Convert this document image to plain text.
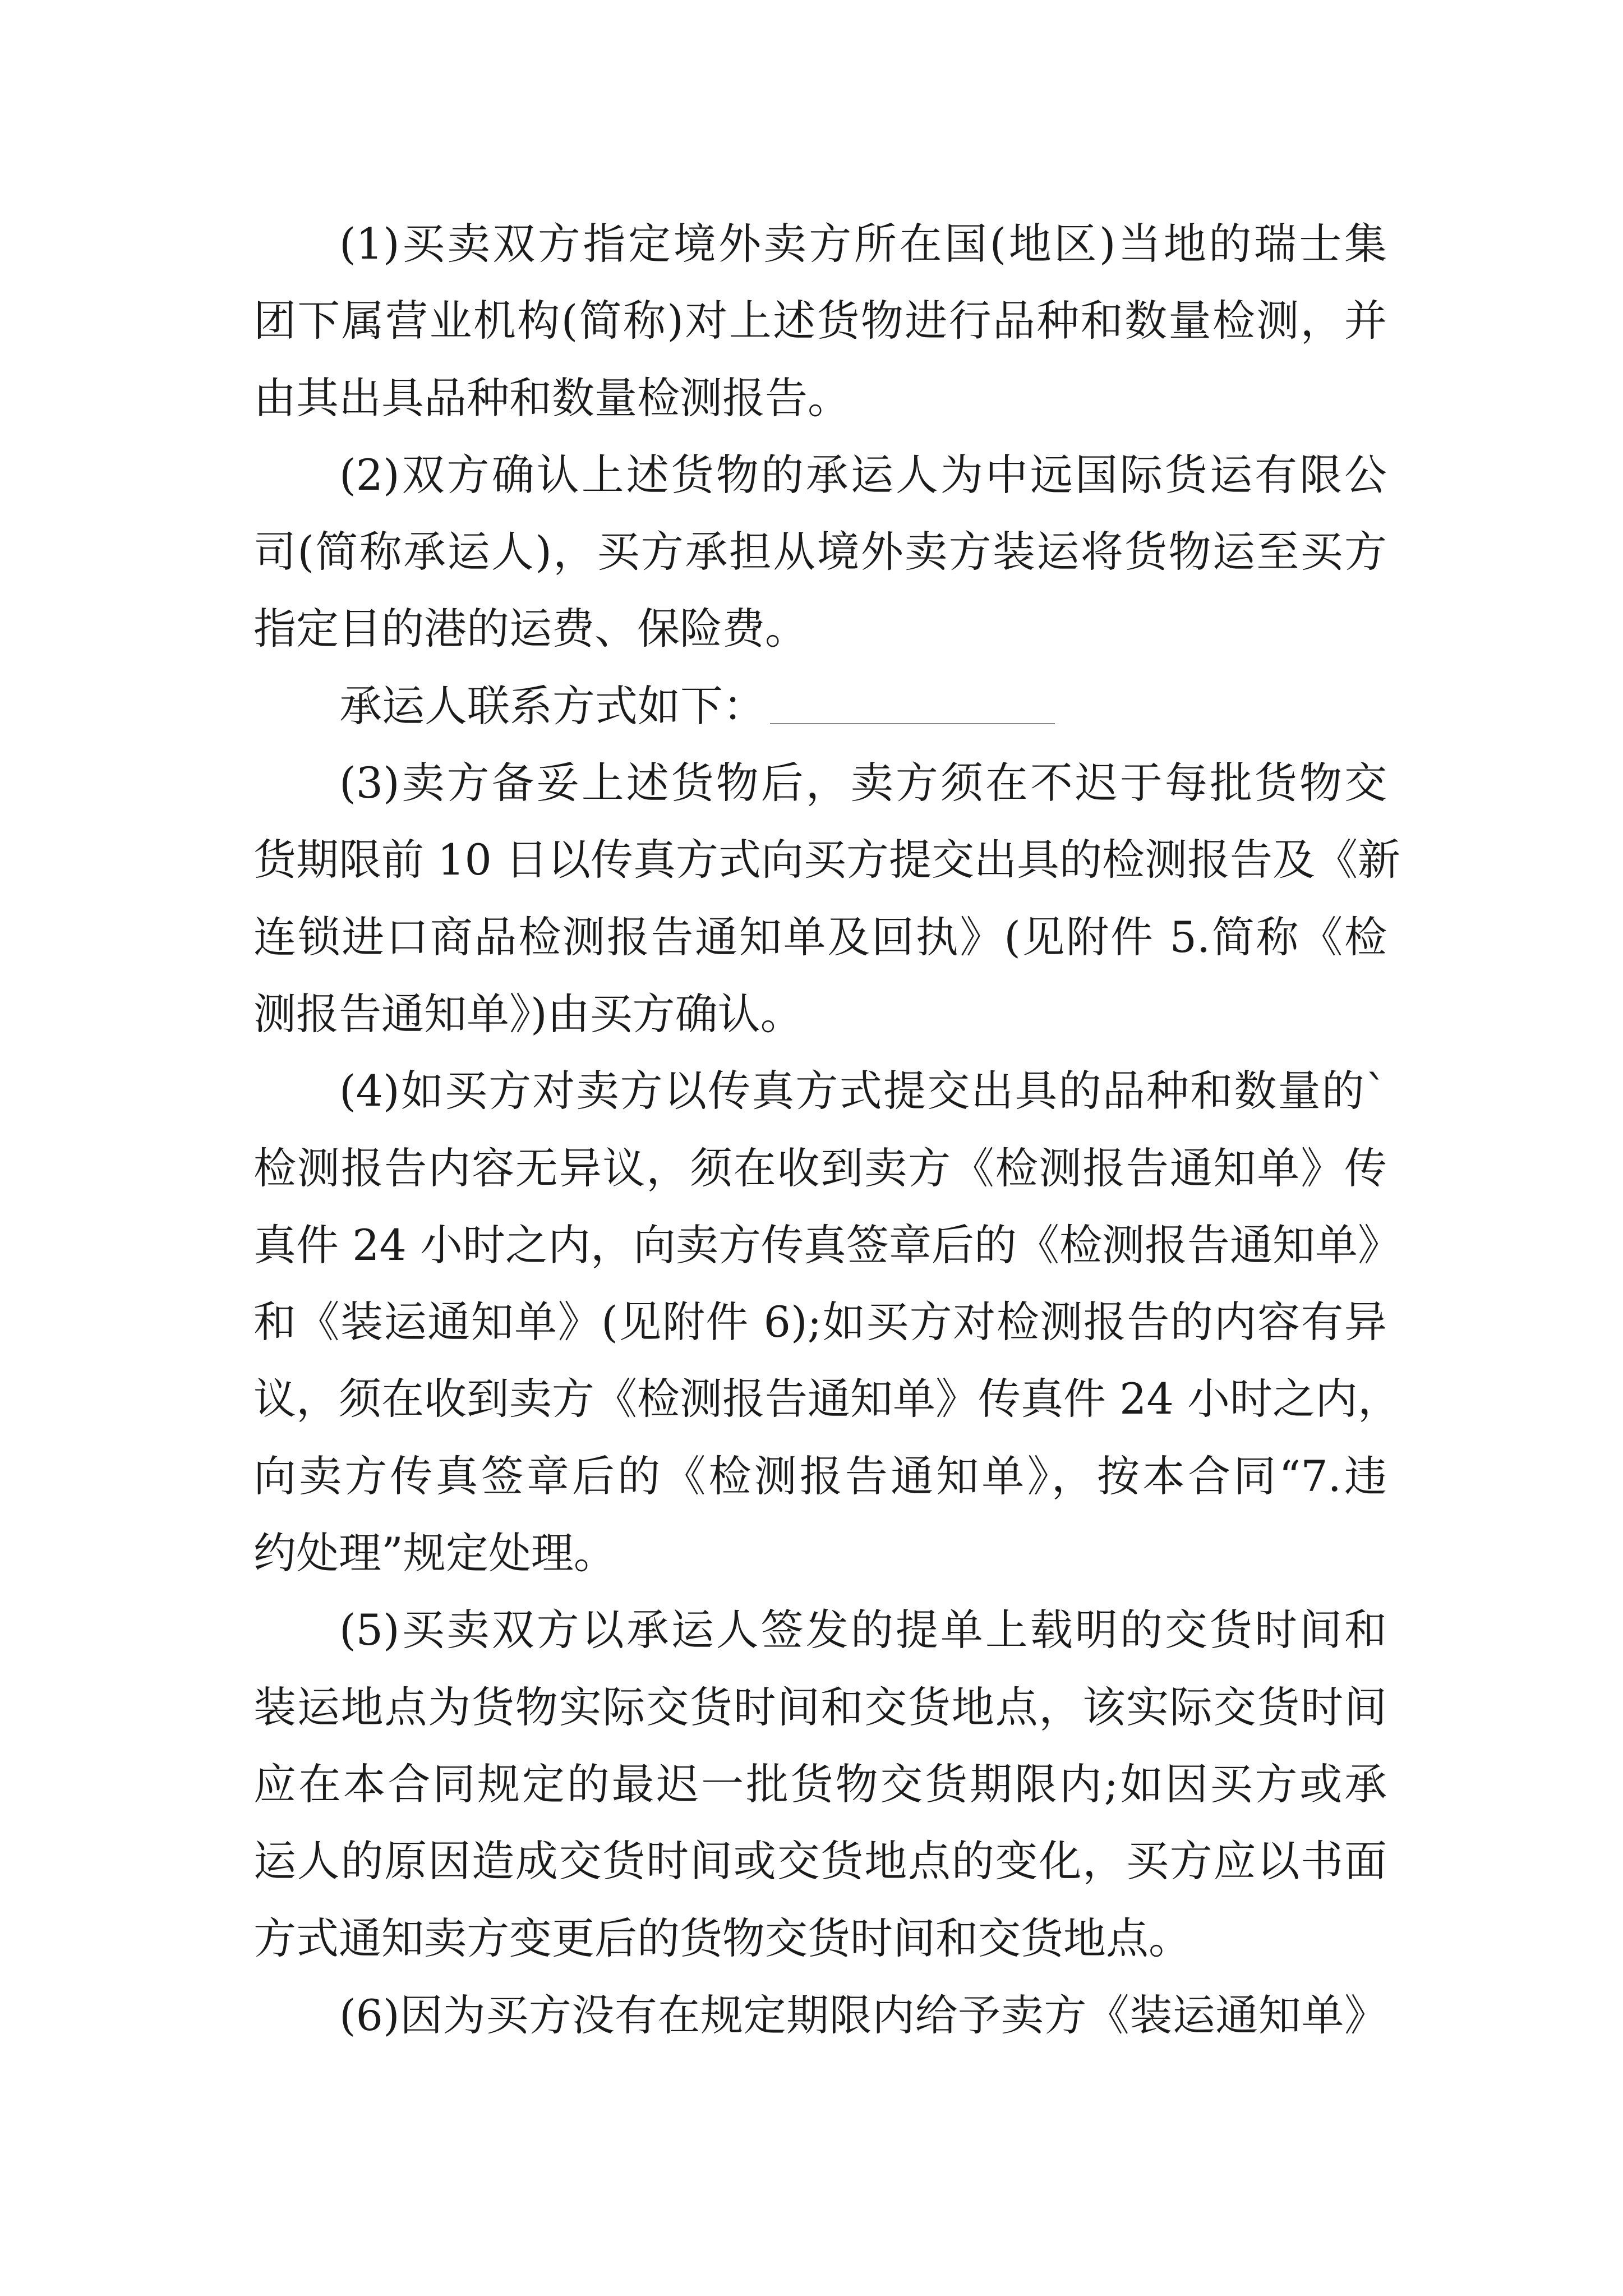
(1)买卖双方指定境外卖方所在国(地区)当地的瑞士集
团下属营业机构(简称)对上述货物进行品种和数量检测，并
由其出具品种和数量检测报告。
(2)双方确认上述货物的承运人为中远国际货运有限公
司(简称承运人)，买方承担从境外卖方装运将货物运至买方
指定目的港的运费、保险费。
承运人联系方式如下：
(3)卖方备妥上述货物后，卖方须在不迟于每批货物交
货期限前 10 日以传真方式向买方提交出具的检测报告及《新
连锁进口商品检测报告通知单及回执》(见附件 5.简称《检
测报告通知单》)由买方确认。
(4)如买方对卖方以传真方式提交出具的品种和数量的`
检测报告内容无异议，须在收到卖方《检测报告通知单》传
真件 24 小时之内，向卖方传真签章后的《检测报告通知单》
和《装运通知单》(见附件 6);如买方对检测报告的内容有异
议，须在收到卖方《检测报告通知单》传真件 24 小时之内，
向卖方传真签章后的《检测报告通知单》，按本合同“7.违
约处理”规定处理。
(5)买卖双方以承运人签发的提单上载明的交货时间和
装运地点为货物实际交货时间和交货地点，该实际交货时间
应在本合同规定的最迟一批货物交货期限内;如因买方或承
运人的原因造成交货时间或交货地点的变化，买方应以书面
方式通知卖方变更后的货物交货时间和交货地点。
(6)因为买方没有在规定期限内给予卖方《装运通知单》
